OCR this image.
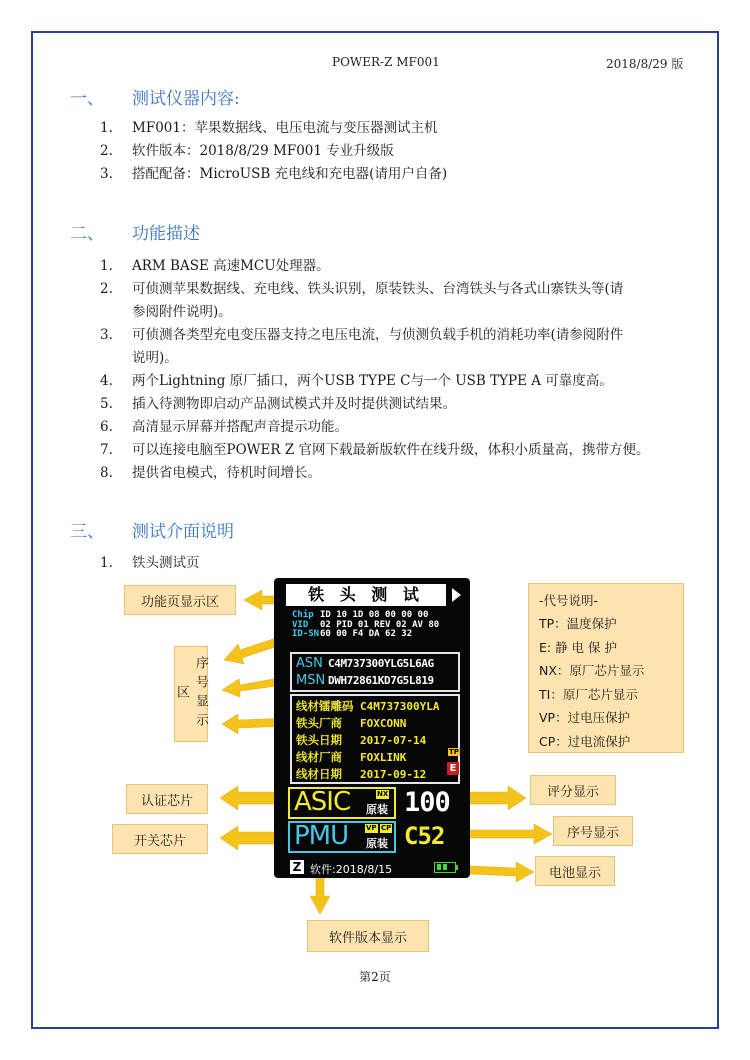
POWER-Z MF001	2018/8/29 版
一、 测试仪器内容:
1. MF001：苹果数据线、电压电流与变压器测试主机
2. 软件版本：2018/8/29 MF001 专业升级版
3. 搭配配备：MicroUSB 充电线和充电器(请用户自备)
二、 功能描述
1. ARM BASE 高速MCU处理器。
2. 可侦测苹果数据线、充电线、铁头识别，原装铁头、台湾铁头与各式山寨铁头等(请
参阅附件说明)。
3. 可侦测各类型充电变压器支持之电压电流，与侦测负载手机的消耗功率(请参阅附件
说明)。
4. 两个Lightning 原厂插口，两个USB TYPE C与一个 USB TYPE A 可靠度高。
5. 插入待测物即启动产品测试模式并及时提供测试结果。
6. 高清显示屏幕并搭配声音提示功能。
7. 可以连接电脑至POWER Z 官网下载最新版软件在线升级，体积小质量高，携带方便。
8. 提供省电模式，待机时间增长。
三、 测试介面说明
1. 铁头测试页
铁 头 测 试
Chip ID 10 1D 08 00 00 00
VID 02 PID 01 REV 02 AV 80
ID-SN60 00 F4 DA 62 32
ASN C4M737300YLG5L6AG
MSN DWH72861KD7G5L819
线材镭雕码 C4M737300YLA
铁头厂商 FOXCONN
铁头日期 2017-07-14
线材厂商 FOXLINK
线材日期 2017-09-12
TP
E
ASIC	NX
原装 100
PMU	VP CP
原装 C52
Z 软件:2018/8/15
功能页显示区
序号显示区
认证芯片
开关芯片
评分显示
序号显示
电池显示
软件版本显示
-代号说明-
TP：温度保护
E: 静 电 保 护
NX：原厂芯片显示
TI：原厂芯片显示
VP：过电压保护
CP：过电流保护
第2页
